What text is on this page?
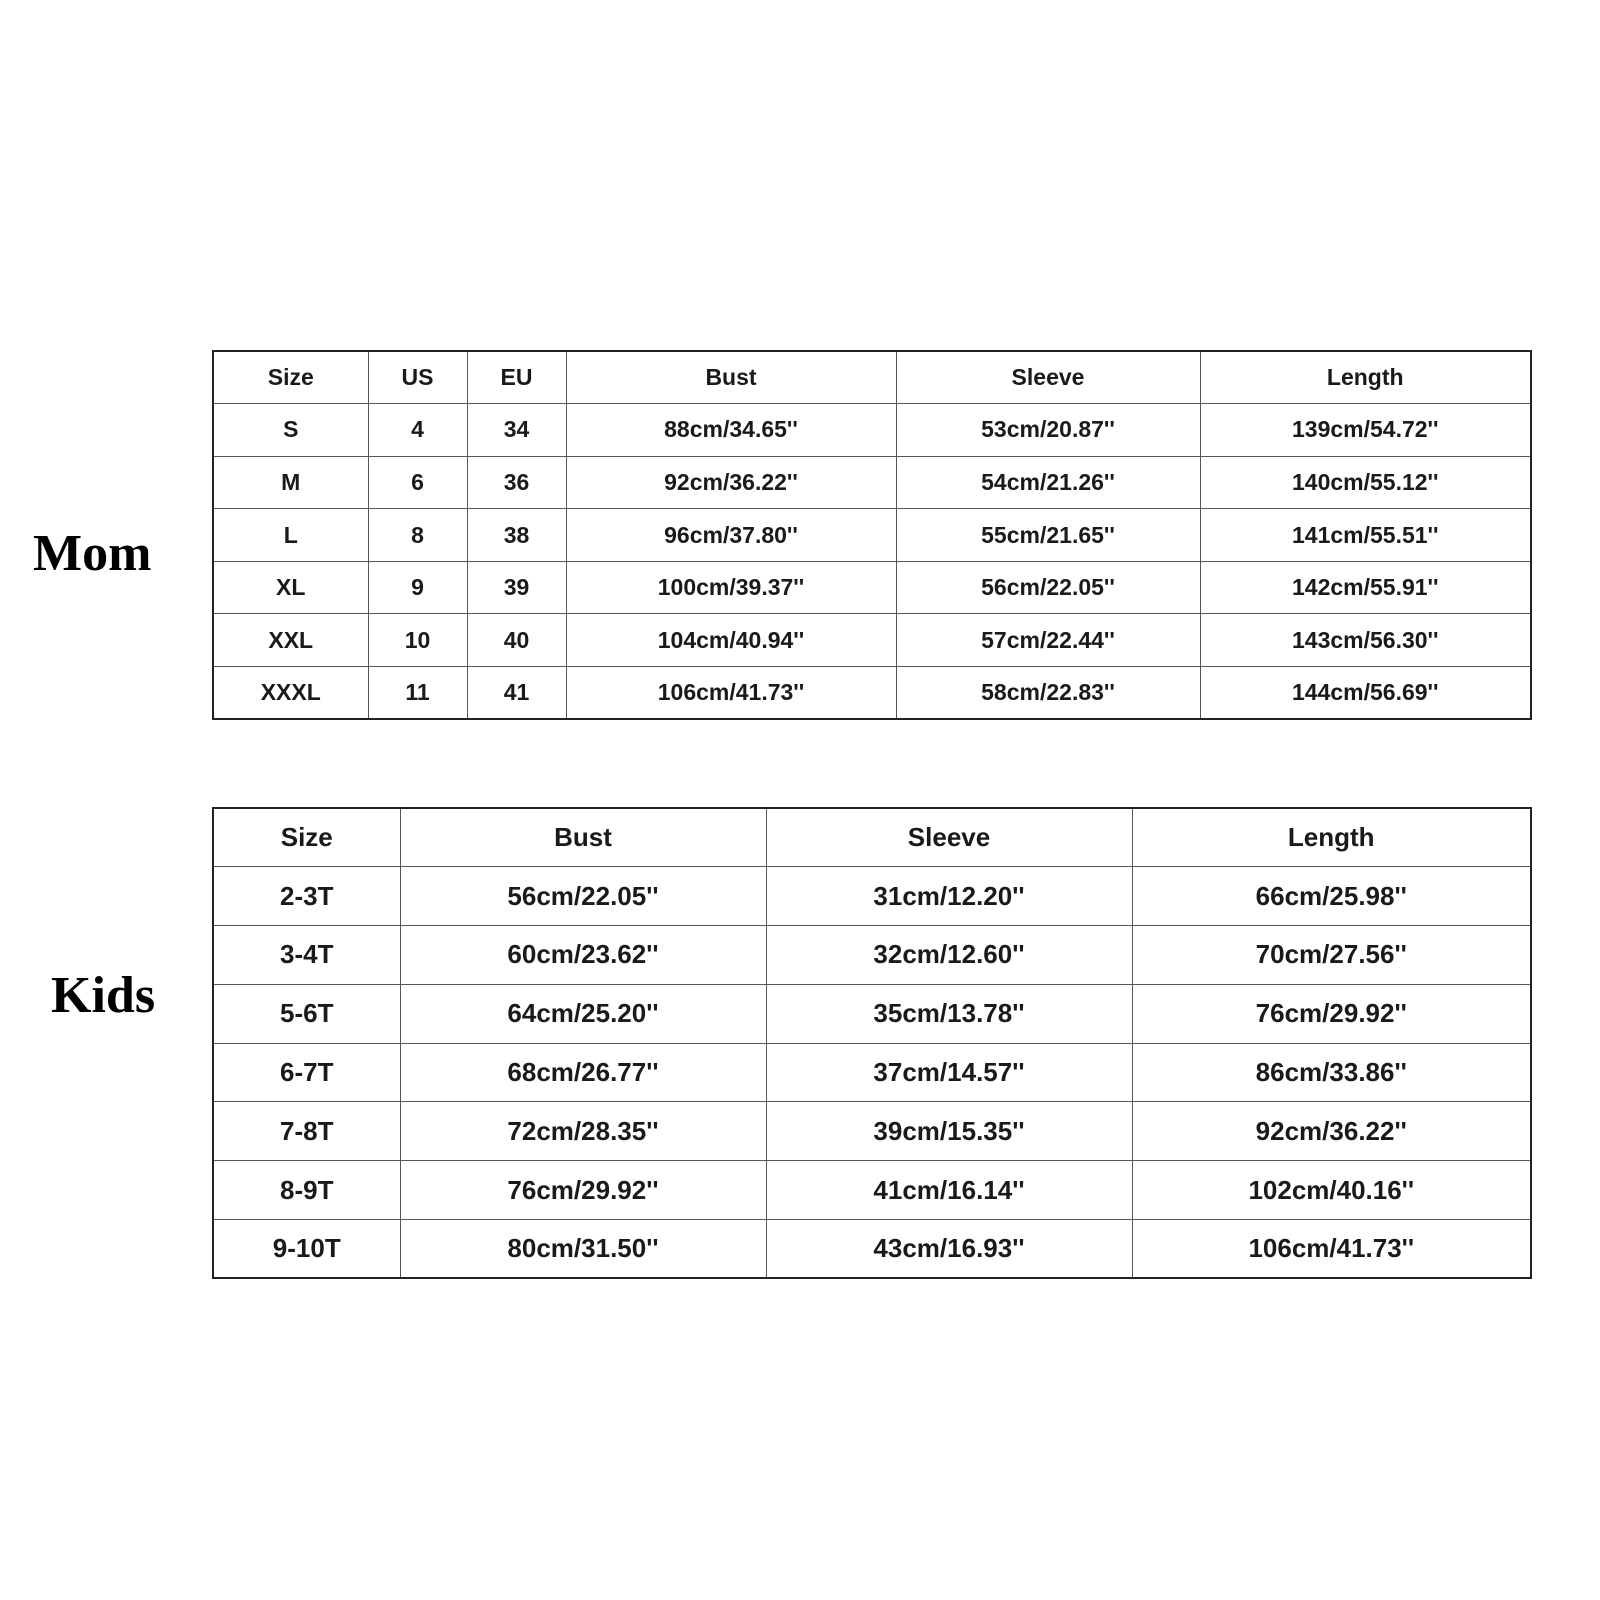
Mom
Size	US	EU	Bust	Sleeve	Length
S	4	34	88cm/34.65''	53cm/20.87''	139cm/54.72''
M	6	36	92cm/36.22''	54cm/21.26''	140cm/55.12''
L	8	38	96cm/37.80''	55cm/21.65''	141cm/55.51''
XL	9	39	100cm/39.37''	56cm/22.05''	142cm/55.91''
XXL	10	40	104cm/40.94''	57cm/22.44''	143cm/56.30''
XXXL	11	41	106cm/41.73''	58cm/22.83''	144cm/56.69''
Kids
Size	Bust	Sleeve	Length
2-3T	56cm/22.05''	31cm/12.20''	66cm/25.98''
3-4T	60cm/23.62''	32cm/12.60''	70cm/27.56''
5-6T	64cm/25.20''	35cm/13.78''	76cm/29.92''
6-7T	68cm/26.77''	37cm/14.57''	86cm/33.86''
7-8T	72cm/28.35''	39cm/15.35''	92cm/36.22''
8-9T	76cm/29.92''	41cm/16.14''	102cm/40.16''
9-10T	80cm/31.50''	43cm/16.93''	106cm/41.73''
